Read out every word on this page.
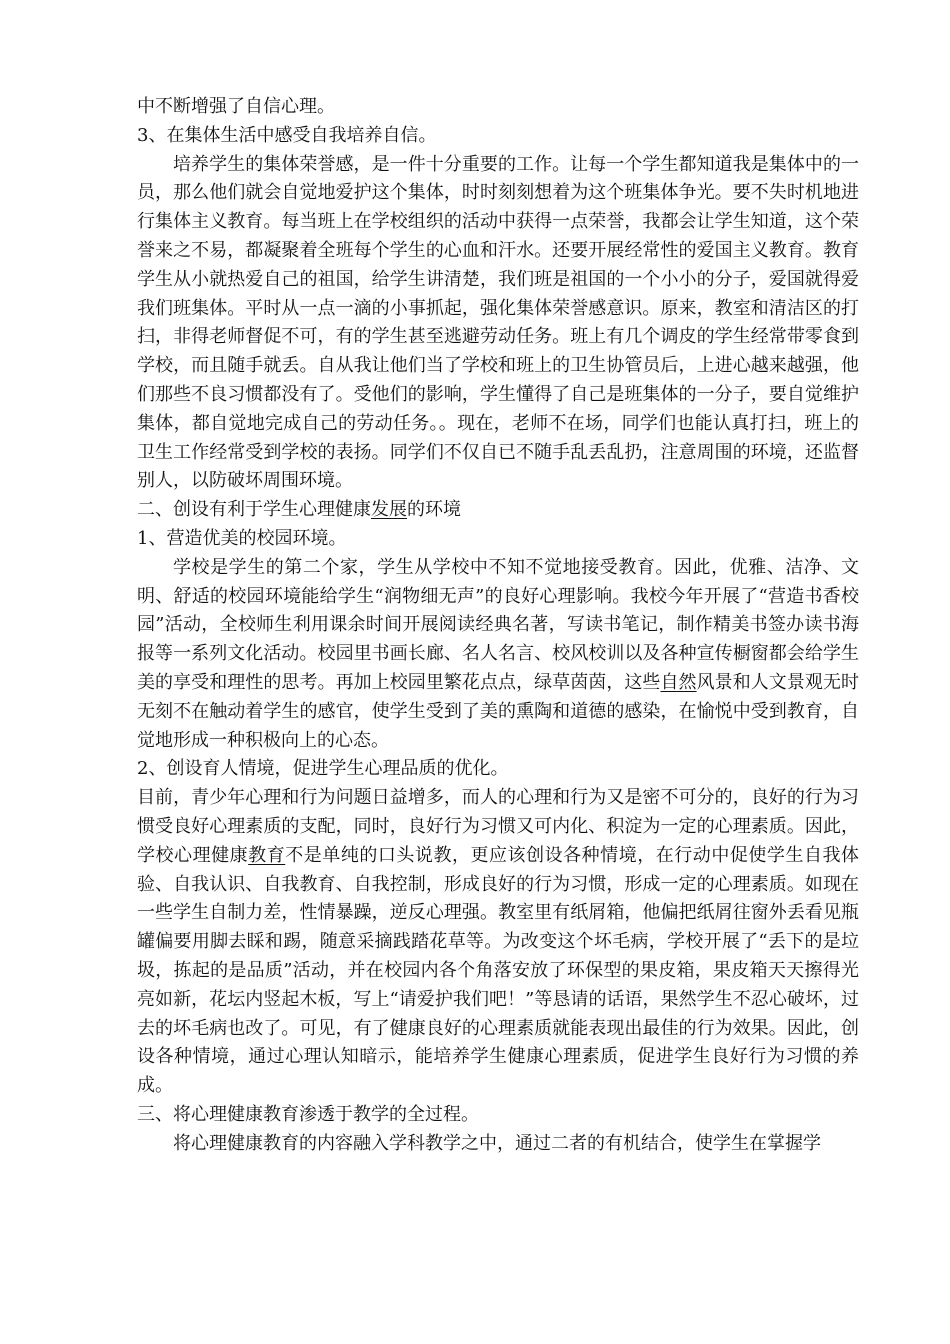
中不断增强了自信心理。

3、在集体生活中感受自我培养自信。

培养学生的集体荣誉感，是一件十分重要的工作。让每一个学生都知道我是集体中的一员，那么他们就会自觉地爱护这个集体，时时刻刻想着为这个班集体争光。要不失时机地进行集体主义教育。每当班上在学校组织的活动中获得一点荣誉，我都会让学生知道，这个荣誉来之不易，都凝聚着全班每个学生的心血和汗水。还要开展经常性的爱国主义教育。教育学生从小就热爱自己的祖国，给学生讲清楚，我们班是祖国的一个小小的分子，爱国就得爱我们班集体。平时从一点一滴的小事抓起，强化集体荣誉感意识。原来，教室和清洁区的打扫，非得老师督促不可，有的学生甚至逃避劳动任务。班上有几个调皮的学生经常带零食到学校，而且随手就丢。自从我让他们当了学校和班上的卫生协管员后，上进心越来越强，他们那些不良习惯都没有了。受他们的影响，学生懂得了自己是班集体的一分子，要自觉维护集体，都自觉地完成自己的劳动任务。。现在，老师不在场，同学们也能认真打扫，班上的卫生工作经常受到学校的表扬。同学们不仅自已不随手乱丢乱扔，注意周围的环境，还监督别人，以防破坏周围环境。

二、创设有利于学生心理健康发展的环境

1、营造优美的校园环境。

学校是学生的第二个家，学生从学校中不知不觉地接受教育。因此，优雅、洁净、文明、舒适的校园环境能给学生“润物细无声”的良好心理影响。我校今年开展了“营造书香校园”活动，全校师生利用课余时间开展阅读经典名著，写读书笔记，制作精美书签办读书海报等一系列文化活动。校园里书画长廊、名人名言、校风校训以及各种宣传橱窗都会给学生美的享受和理性的思考。再加上校园里繁花点点，绿草茵茵，这些自然风景和人文景观无时无刻不在触动着学生的感官，使学生受到了美的熏陶和道德的感染，在愉悦中受到教育，自觉地形成一种积极向上的心态。

2、创设育人情境，促进学生心理品质的优化。

目前，青少年心理和行为问题日益增多，而人的心理和行为又是密不可分的，良好的行为习惯受良好心理素质的支配，同时，良好行为习惯又可内化、积淀为一定的心理素质。因此，学校心理健康教育不是单纯的口头说教，更应该创设各种情境，在行动中促使学生自我体验、自我认识、自我教育、自我控制，形成良好的行为习惯，形成一定的心理素质。如现在一些学生自制力差，性情暴躁，逆反心理强。教室里有纸屑箱，他偏把纸屑往窗外丢看见瓶罐偏要用脚去睬和踢，随意采摘践踏花草等。为改变这个坏毛病，学校开展了“丢下的是垃圾，拣起的是品质”活动，并在校园内各个角落安放了环保型的果皮箱，果皮箱天天擦得光亮如新，花坛内竖起木板，写上“请爱护我们吧！”等恳请的话语，果然学生不忍心破坏，过去的坏毛病也改了。可见，有了健康良好的心理素质就能表现出最佳的行为效果。因此，创设各种情境，通过心理认知暗示，能培养学生健康心理素质，促进学生良好行为习惯的养成。

三、将心理健康教育渗透于教学的全过程。

将心理健康教育的内容融入学科教学之中，通过二者的有机结合，使学生在掌握学
